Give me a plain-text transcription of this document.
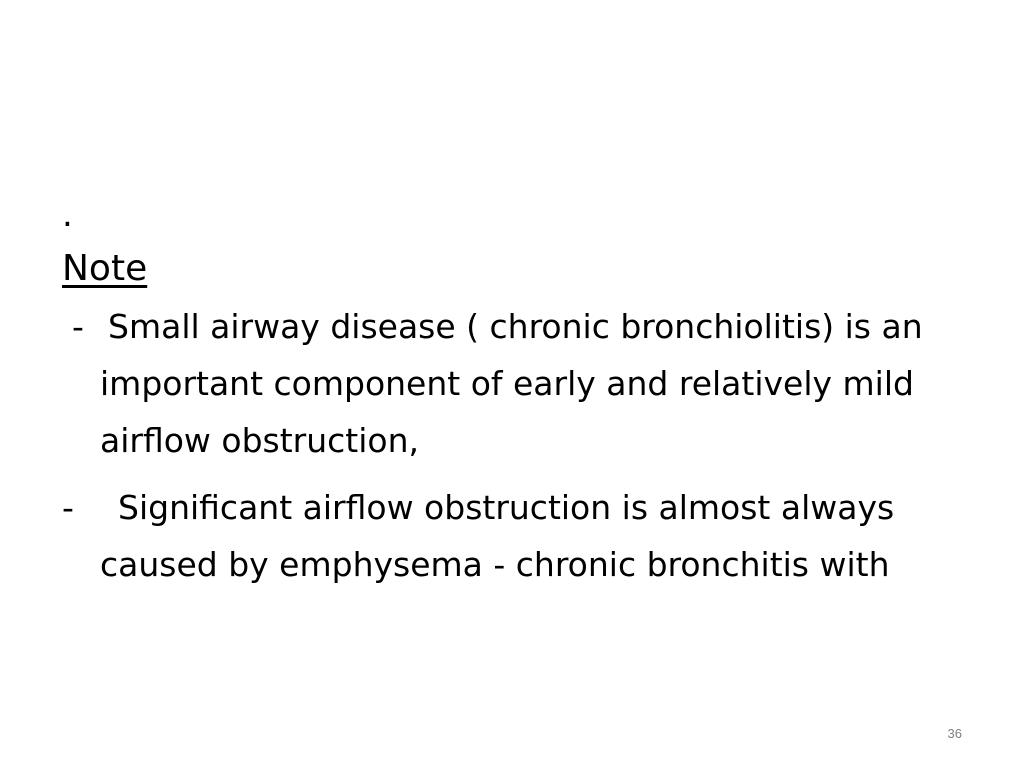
.

Note

- Small airway disease ( chronic bronchiolitis) is an important component of early and relatively mild airflow obstruction,
-	Significant airflow obstruction is almost always caused by emphysema - chronic bronchitis with
36
